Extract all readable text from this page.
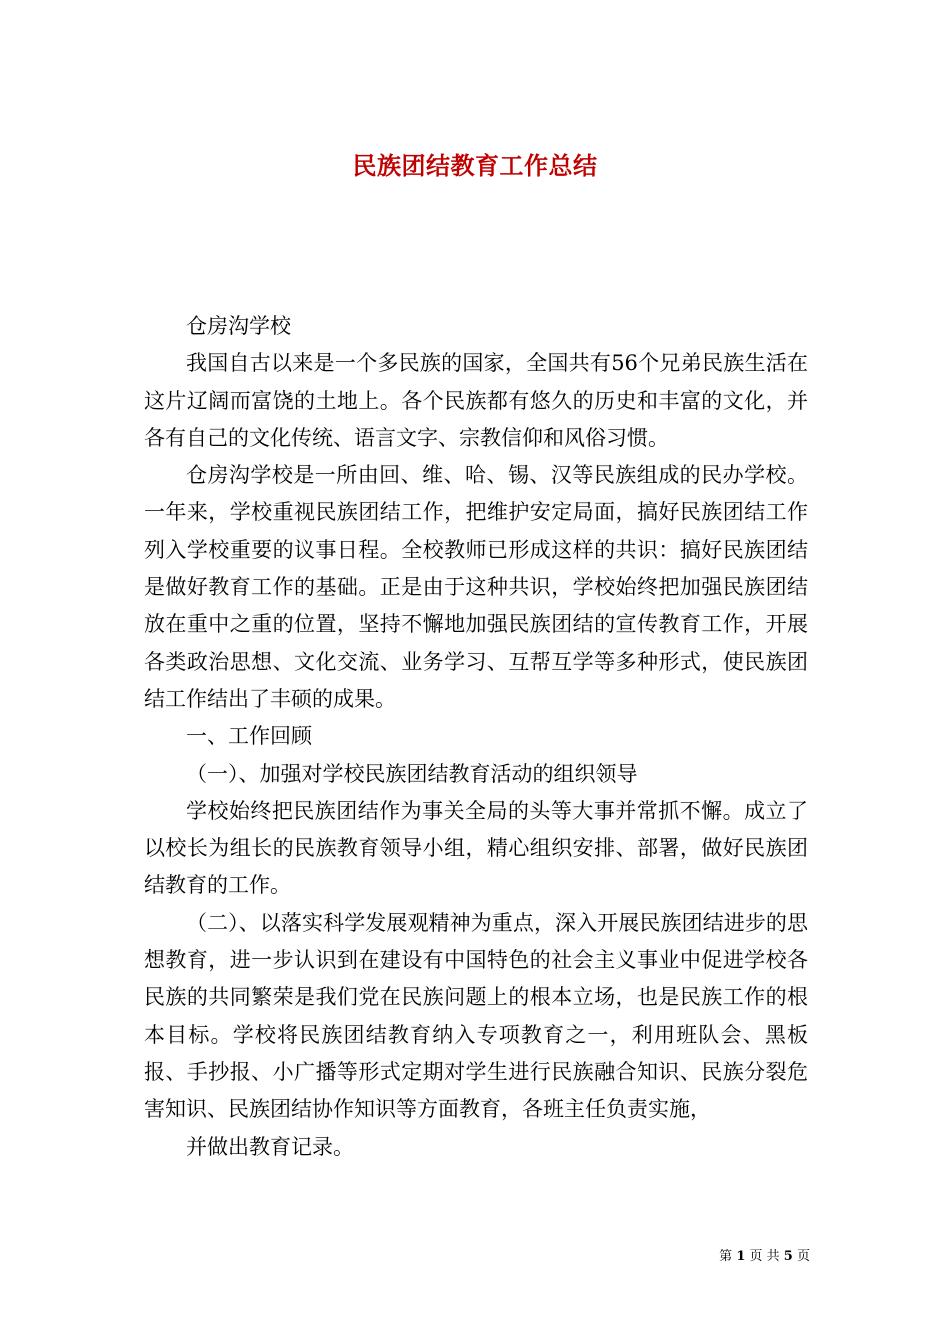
民族团结教育工作总结

仓房沟学校

我国自古以来是一个多民族的国家，全国共有56个兄弟民族生活在这片辽阔而富饶的土地上。各个民族都有悠久的历史和丰富的文化，并各有自己的文化传统、语言文字、宗教信仰和风俗习惯。

仓房沟学校是一所由回、维、哈、锡、汉等民族组成的民办学校。一年来，学校重视民族团结工作，把维护安定局面，搞好民族团结工作列入学校重要的议事日程。全校教师已形成这样的共识：搞好民族团结是做好教育工作的基础。正是由于这种共识，学校始终把加强民族团结放在重中之重的位置，坚持不懈地加强民族团结的宣传教育工作，开展各类政治思想、文化交流、业务学习、互帮互学等多种形式，使民族团结工作结出了丰硕的成果。

一、工作回顾

（一）、加强对学校民族团结教育活动的组织领导

学校始终把民族团结作为事关全局的头等大事并常抓不懈。成立了以校长为组长的民族教育领导小组，精心组织安排、部署，做好民族团结教育的工作。

（二）、以落实科学发展观精神为重点，深入开展民族团结进步的思想教育，进一步认识到在建设有中国特色的社会主义事业中促进学校各民族的共同繁荣是我们党在民族问题上的根本立场，也是民族工作的根本目标。学校将民族团结教育纳入专项教育之一，利用班队会、黑板报、手抄报、小广播等形式定期对学生进行民族融合知识、民族分裂危害知识、民族团结协作知识等方面教育，各班主任负责实施，

并做出教育记录。

第 1 页 共 5 页
